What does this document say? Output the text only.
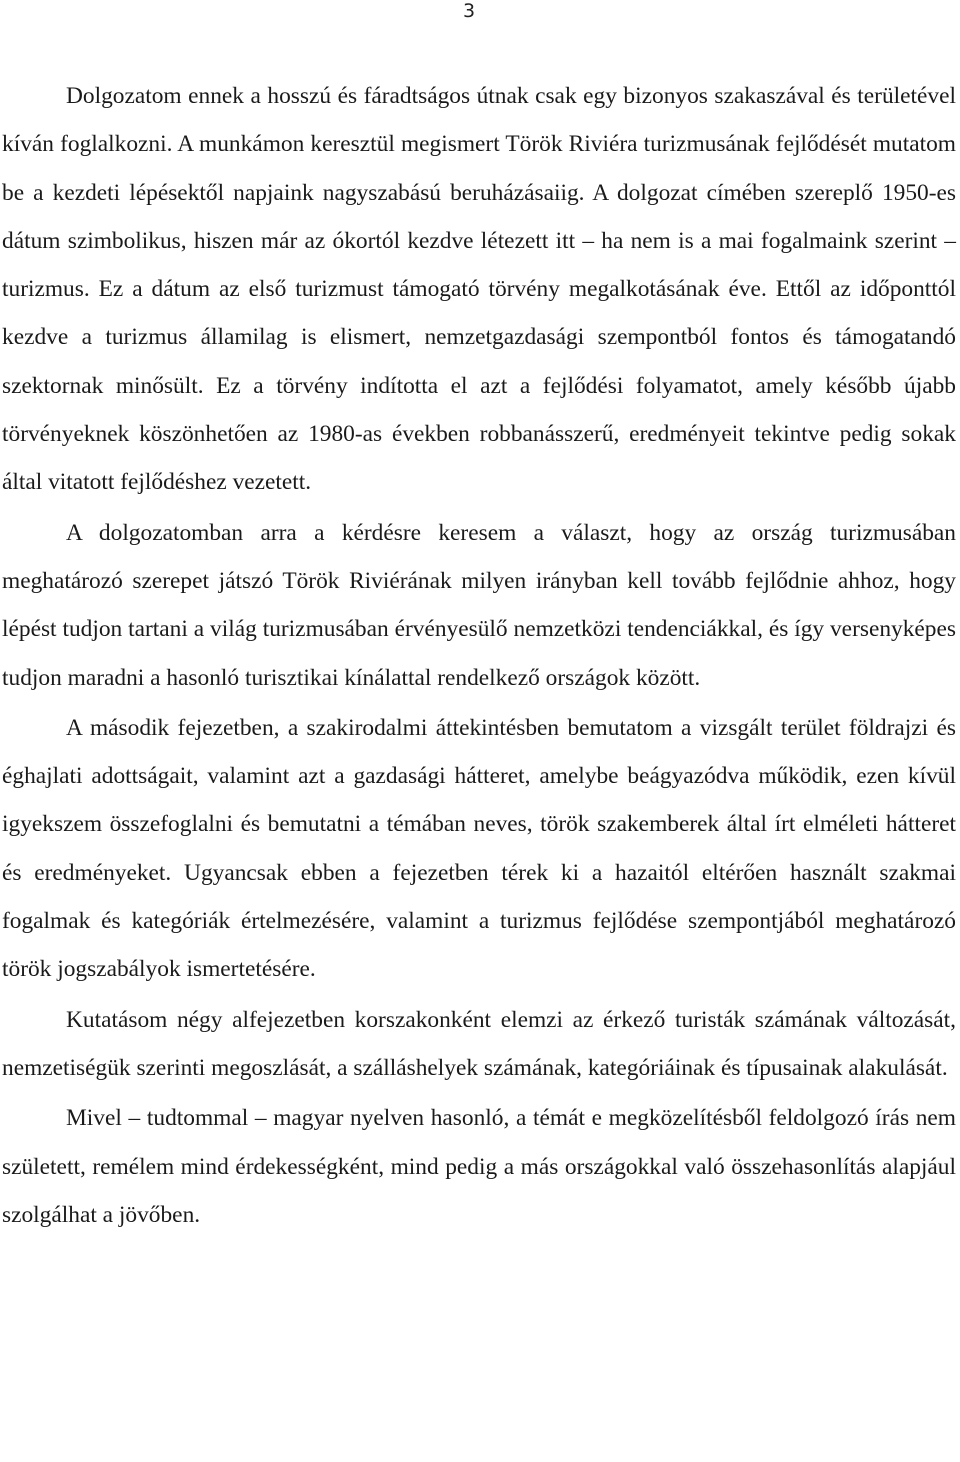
3

Dolgozatom ennek a hosszú és fáradtságos útnak csak egy bizonyos szakaszával és területével kíván foglalkozni. A munkámon keresztül megismert Török Riviéra turizmusának fejlődését mutatom be a kezdeti lépésektől napjaink nagyszabású beruházásaiig. A dolgozat címében szereplő 1950-es dátum szimbolikus, hiszen már az ókortól kezdve létezett itt – ha nem is a mai fogalmaink szerint – turizmus. Ez a dátum az első turizmust támogató törvény megalkotásának éve. Ettől az időponttól kezdve a turizmus államilag is elismert, nemzetgazdasági szempontból fontos és támogatandó szektornak minősült. Ez a törvény indította el azt a fejlődési folyamatot, amely később újabb törvényeknek köszönhetően az 1980-as években robbanásszerű, eredményeit tekintve pedig sokak által vitatott fejlődéshez vezetett.

A dolgozatomban arra a kérdésre keresem a választ, hogy az ország turizmusában meghatározó szerepet játszó Török Riviérának milyen irányban kell tovább fejlődnie ahhoz, hogy lépést tudjon tartani a világ turizmusában érvényesülő nemzetközi tendenciákkal, és így versenyképes tudjon maradni a hasonló turisztikai kínálattal rendelkező országok között.

A második fejezetben, a szakirodalmi áttekintésben bemutatom a vizsgált terület földrajzi és éghajlati adottságait, valamint azt a gazdasági hátteret, amelybe beágyazódva működik, ezen kívül igyekszem összefoglalni és bemutatni a témában neves, török szakemberek által írt elméleti hátteret és eredményeket. Ugyancsak ebben a fejezetben térek ki a hazaitól eltérően használt szakmai fogalmak és kategóriák értelmezésére, valamint a turizmus fejlődése szempontjából meghatározó török jogszabályok ismertetésére.

Kutatásom négy alfejezetben korszakonként elemzi az érkező turisták számának változását, nemzetiségük szerinti megoszlását, a szálláshelyek számának, kategóriáinak és típusainak alakulását.

Mivel – tudtommal – magyar nyelven hasonló, a témát e megközelítésből feldolgozó írás nem született, remélem mind érdekességként, mind pedig a más országokkal való összehasonlítás alapjául szolgálhat a jövőben.
